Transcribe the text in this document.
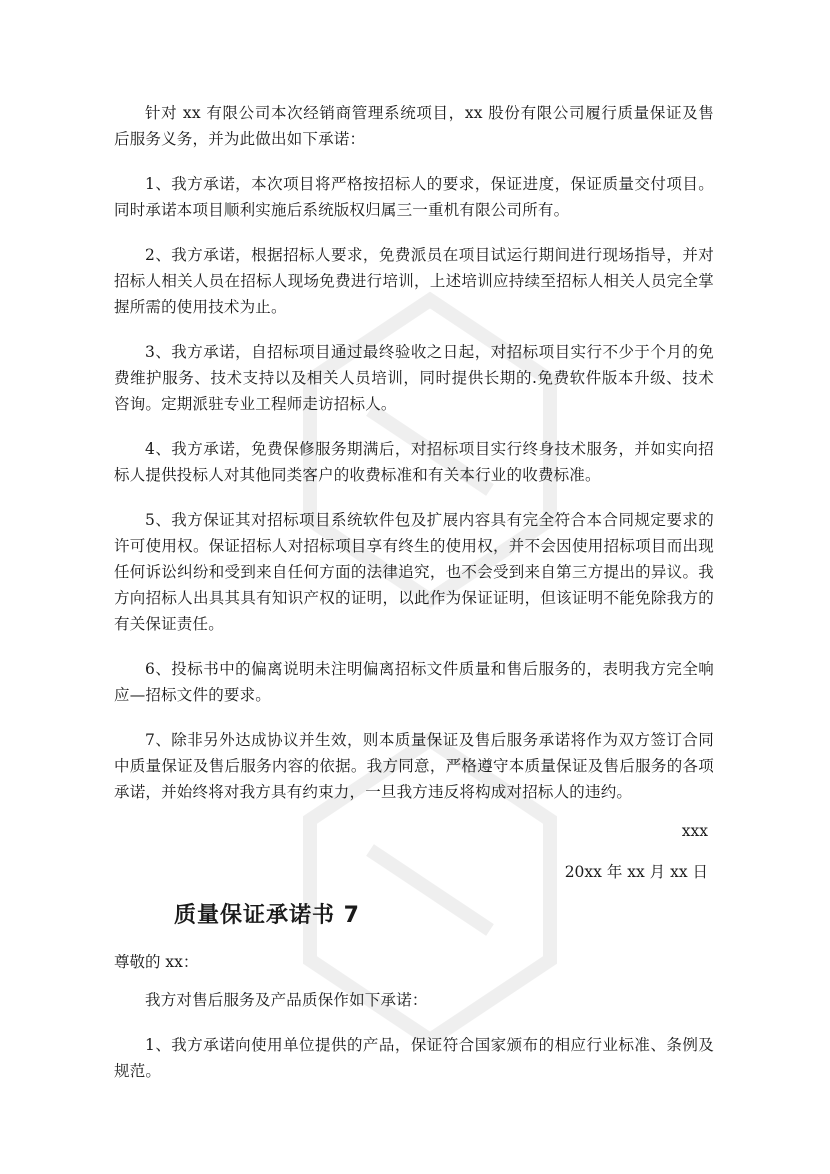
针对 xx 有限公司本次经销商管理系统项目，xx 股份有限公司履行质量保证及售后服务义务，并为此做出如下承诺：

1、我方承诺，本次项目将严格按招标人的要求，保证进度，保证质量交付项目。同时承诺本项目顺利实施后系统版权归属三一重机有限公司所有。

2、我方承诺，根据招标人要求，免费派员在项目试运行期间进行现场指导，并对招标人相关人员在招标人现场免费进行培训，上述培训应持续至招标人相关人员完全掌握所需的使用技术为止。

3、我方承诺，自招标项目通过最终验收之日起，对招标项目实行不少于个月的免费维护服务、技术支持以及相关人员培训，同时提供长期的.免费软件版本升级、技术咨询。定期派驻专业工程师走访招标人。

4、我方承诺，免费保修服务期满后，对招标项目实行终身技术服务，并如实向招标人提供投标人对其他同类客户的收费标准和有关本行业的收费标准。

5、我方保证其对招标项目系统软件包及扩展内容具有完全符合本合同规定要求的许可使用权。保证招标人对招标项目享有终生的使用权，并不会因使用招标项目而出现任何诉讼纠纷和受到来自任何方面的法律追究，也不会受到来自第三方提出的异议。我方向招标人出具其具有知识产权的证明，以此作为保证证明，但该证明不能免除我方的有关保证责任。

6、投标书中的偏离说明未注明偏离招标文件质量和售后服务的，表明我方完全响应—招标文件的要求。

7、除非另外达成协议并生效，则本质量保证及售后服务承诺将作为双方签订合同中质量保证及售后服务内容的依据。我方同意，严格遵守本质量保证及售后服务的各项承诺，并始终将对我方具有约束力，一旦我方违反将构成对招标人的违约。

xxx

20xx 年 xx 月 xx 日

质量保证承诺书 7

尊敬的 xx：

我方对售后服务及产品质保作如下承诺：

1、我方承诺向使用单位提供的产品，保证符合国家颁布的相应行业标准、条例及规范。
